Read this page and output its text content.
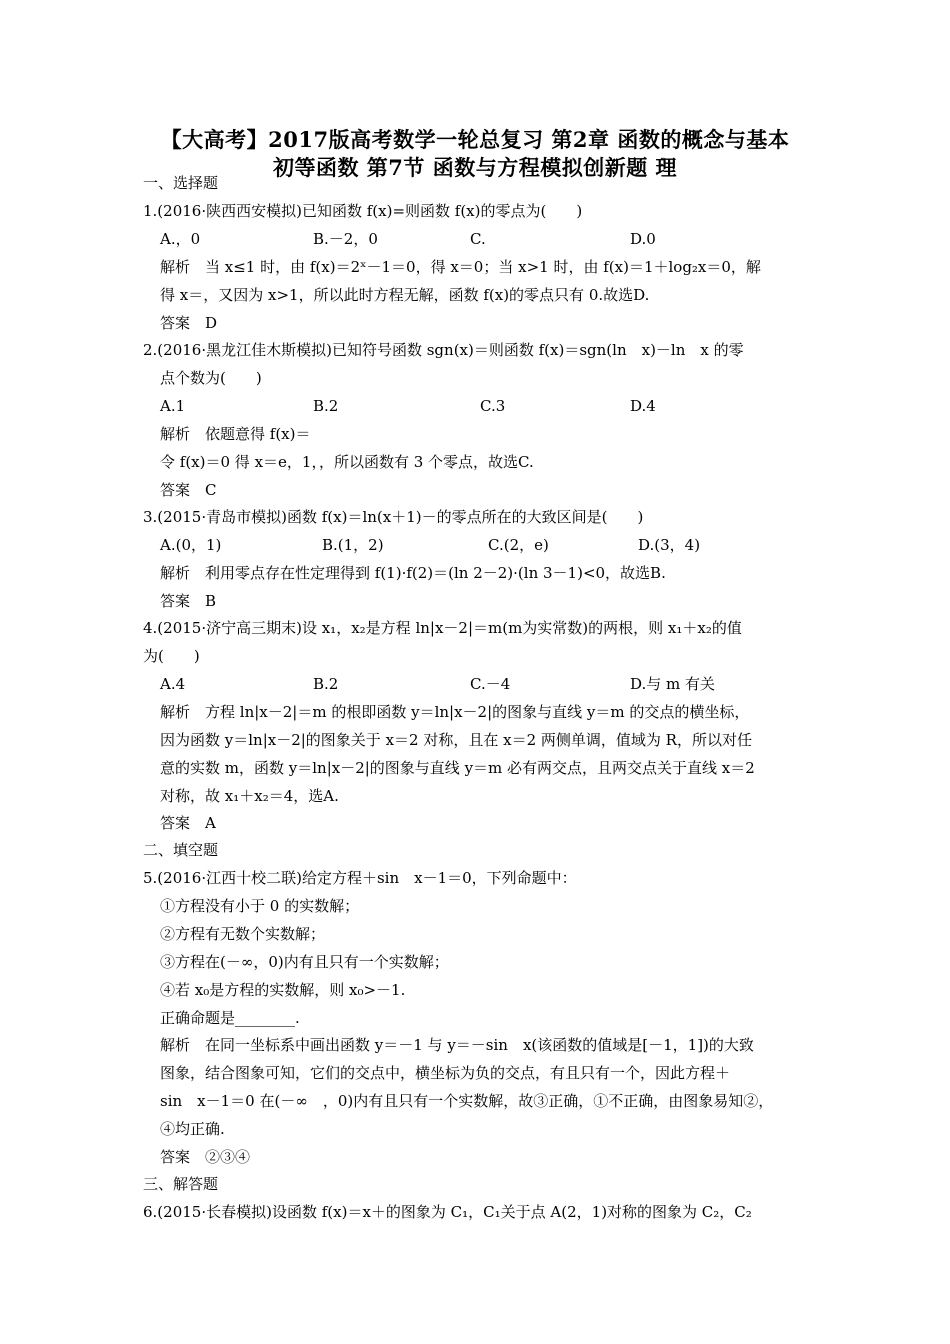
【大高考】2017版高考数学一轮总复习 第2章 函数的概念与基本
初等函数 第7节 函数与方程模拟创新题 理
一、选择题
1.(2016·陕西西安模拟)已知函数 f(x)=则函数 f(x)的零点为(　　)
A.，0	B.－2，0	C.	D.0
解析　当 x≤1 时，由 f(x)＝2ˣ－1＝0，得 x＝0；当 x>1 时，由 f(x)＝1＋log₂x＝0，解
得 x＝，又因为 x>1，所以此时方程无解，函数 f(x)的零点只有 0.故选D.
答案　D
2.(2016·黑龙江佳木斯模拟)已知符号函数 sgn(x)＝则函数 f(x)＝sgn(ln　x)－ln　x 的零
点个数为(　　)
A.1	B.2	C.3	D.4
解析　依题意得 f(x)＝
令 f(x)＝0 得 x＝e，1，，所以函数有 3 个零点，故选C.
答案　C
3.(2015·青岛市模拟)函数 f(x)＝ln(x＋1)－的零点所在的大致区间是(　　)
A.(0，1)	B.(1，2)	C.(2，e)	D.(3，4)
解析　利用零点存在性定理得到 f(1)·f(2)＝(ln 2－2)·(ln 3－1)<0，故选B.
答案　B
4.(2015·济宁高三期末)设 x₁，x₂是方程 ln|x－2|＝m(m为实常数)的两根，则 x₁＋x₂的值
为(　　)
A.4	B.2	C.－4	D.与 m 有关
解析　方程 ln|x－2|＝m 的根即函数 y＝ln|x－2|的图象与直线 y＝m 的交点的横坐标，
因为函数 y＝ln|x－2|的图象关于 x＝2 对称，且在 x＝2 两侧单调，值域为 R，所以对任
意的实数 m，函数 y＝ln|x－2|的图象与直线 y＝m 必有两交点，且两交点关于直线 x＝2
对称，故 x₁＋x₂＝4，选A.
答案　A
二、填空题
5.(2016·江西十校二联)给定方程＋sin　x－1＝0，下列命题中：
①方程没有小于 0 的实数解；
②方程有无数个实数解；
③方程在(－∞，0)内有且只有一个实数解；
④若 x₀是方程的实数解，则 x₀>－1.
正确命题是________.
解析　在同一坐标系中画出函数 y＝－1 与 y＝－sin　x(该函数的值域是[－1，1])的大致
图象，结合图象可知，它们的交点中，横坐标为负的交点，有且只有一个，因此方程＋
sin　x－1＝0 在(－∞　，0)内有且只有一个实数解，故③正确，①不正确，由图象易知②，
④均正确.
答案　②③④
三、解答题
6.(2015·长春模拟)设函数 f(x)＝x＋的图象为 C₁，C₁关于点 A(2，1)对称的图象为 C₂，C₂
